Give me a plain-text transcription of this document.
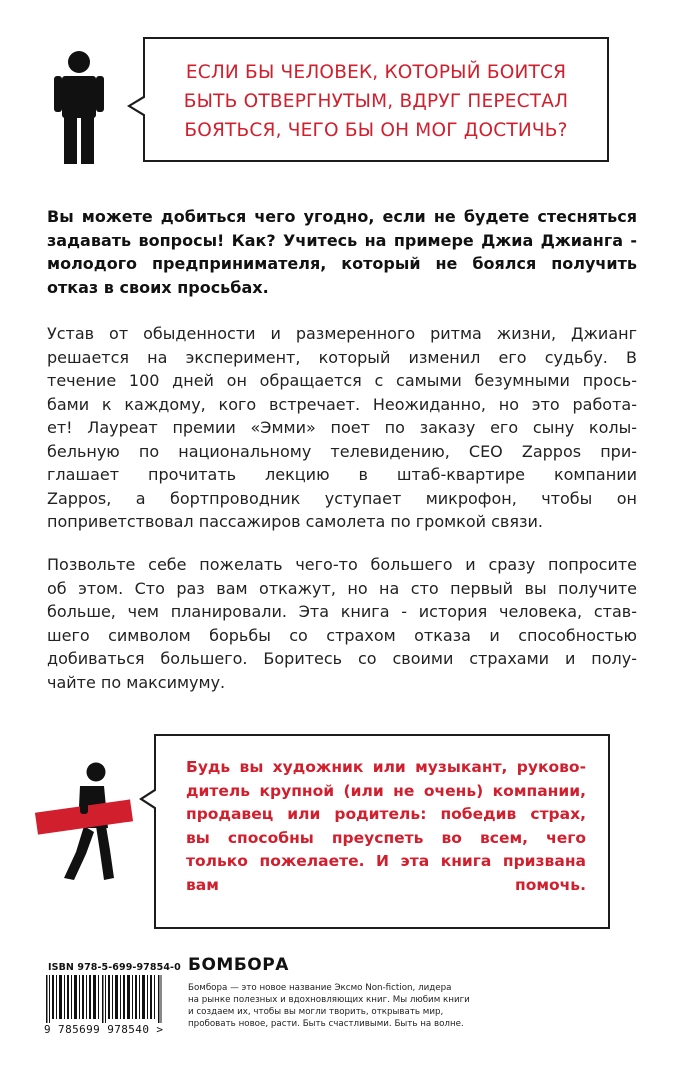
ЕСЛИ БЫ ЧЕЛОВЕК, КОТОРЫЙ БОИТСЯ
БЫТЬ ОТВЕРГНУТЫМ, ВДРУГ ПЕРЕСТАЛ
БОЯТЬСЯ, ЧЕГО БЫ ОН МОГ ДОСТИЧЬ?
Вы можете добиться чего угодно, если не будете стесняться
задавать вопросы! Как? Учитесь на примере Джиа Джианга -
молодого предпринимателя, который не боялся получить
отказ в своих просьбах.
Устав от обыденности и размеренного ритма жизни, Джианг
решается на эксперимент, который изменил его судьбу. В
течение 100 дней он обращается с самыми безумными прось-
бами к каждому, кого встречает. Неожиданно, но это работа-
ет! Лауреат премии «Эмми» поет по заказу его сыну колы-
бельную по национальному телевидению, CEO Zappos при-
глашает прочитать лекцию в штаб-квартире компании
Zappos, а бортпроводник уступает микрофон, чтобы он
поприветствовал пассажиров самолета по громкой связи.
Позвольте себе пожелать чего-то большего и сразу попросите
об этом. Сто раз вам откажут, но на сто первый вы получите
больше, чем планировали. Эта книга - история человека, став-
шего символом борьбы со страхом отказа и способностью
добиваться большего. Боритесь со своими страхами и полу-
чайте по максимуму.
Будь вы художник или музыкант, руково-
дитель крупной (или не очень) компании,
продавец или родитель: победив страх,
вы способны преуспеть во всем, чего
только пожелаете. И эта книга призвана
вам помочь.
ISBN 978-5-699-97854-0
9 785699 978540 >
БОМБОРА
Бомбора — это новое название Эксмо Non-fiction, лидера
на рынке полезных и вдохновляющих книг. Мы любим книги
и создаем их, чтобы вы могли творить, открывать мир,
пробовать новое, расти. Быть счастливыми. Быть на волне.
